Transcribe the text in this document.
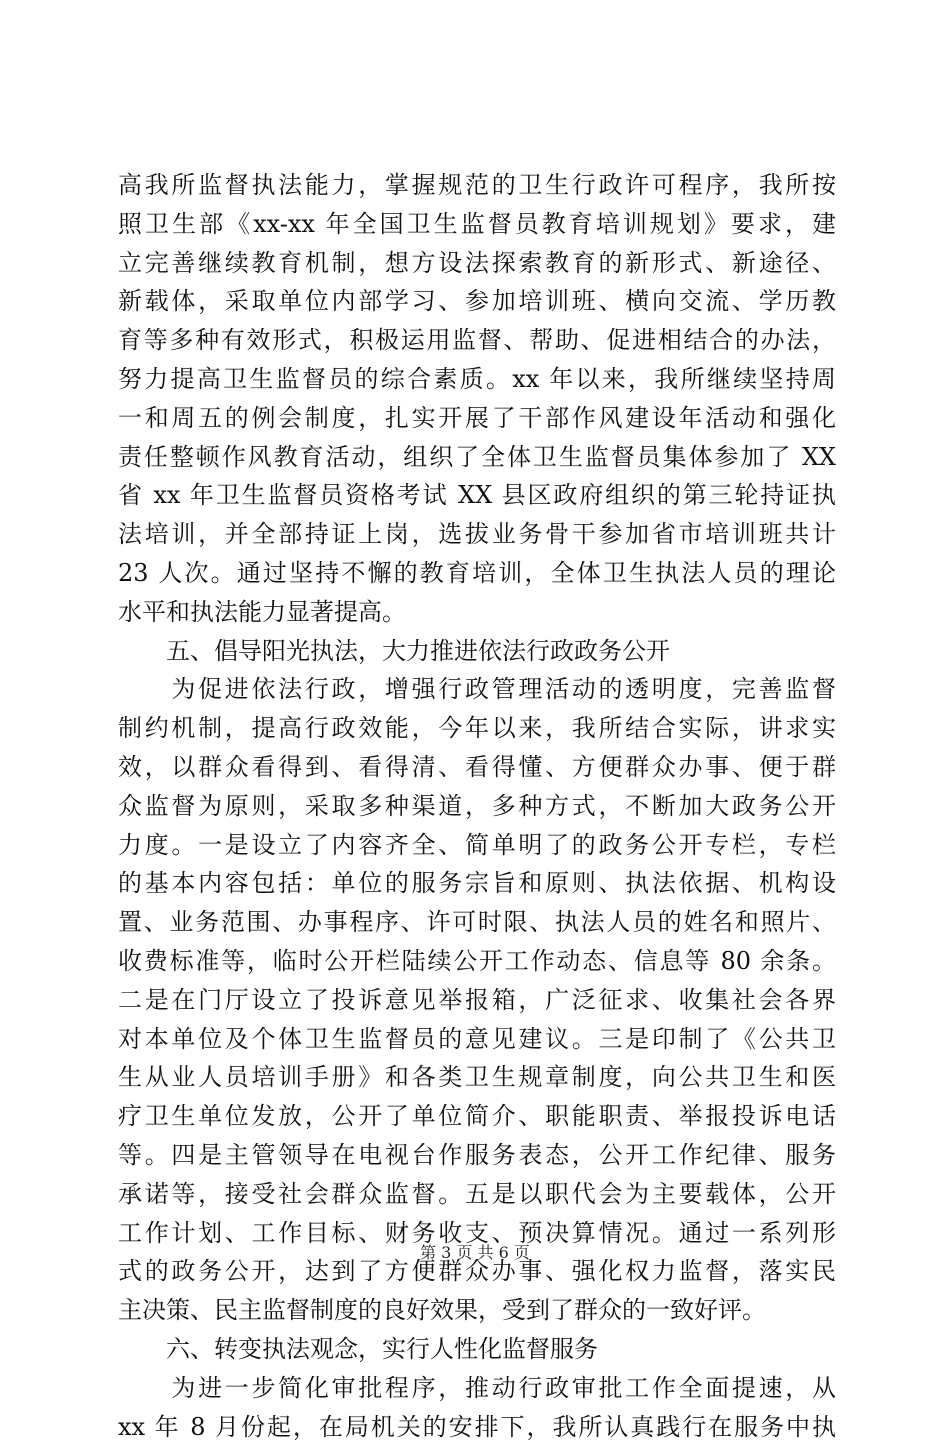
高我所监督执法能力，掌握规范的卫生行政许可程序，我所按
照卫生部《xx-xx 年全国卫生监督员教育培训规划》要求，建
立完善继续教育机制，想方设法探索教育的新形式、新途径、
新载体，采取单位内部学习、参加培训班、横向交流、学历教
育等多种有效形式，积极运用监督、帮助、促进相结合的办法，
努力提高卫生监督员的综合素质。xx 年以来，我所继续坚持周
一和周五的例会制度，扎实开展了干部作风建设年活动和强化
责任整顿作风教育活动，组织了全体卫生监督员集体参加了 XX
省 xx 年卫生监督员资格考试 XX 县区政府组织的第三轮持证执
法培训，并全部持证上岗，选拔业务骨干参加省市培训班共计
23 人次。通过坚持不懈的教育培训，全体卫生执法人员的理论
水平和执法能力显著提高。
　　五、倡导阳光执法，大力推进依法行政政务公开
　　为促进依法行政，增强行政管理活动的透明度，完善监督
制约机制，提高行政效能，今年以来，我所结合实际，讲求实
效，以群众看得到、看得清、看得懂、方便群众办事、便于群
众监督为原则，采取多种渠道，多种方式，不断加大政务公开
力度。一是设立了内容齐全、简单明了的政务公开专栏，专栏
的基本内容包括：单位的服务宗旨和原则、执法依据、机构设
置、业务范围、办事程序、许可时限、执法人员的姓名和照片、
收费标准等，临时公开栏陆续公开工作动态、信息等 80 余条。
二是在门厅设立了投诉意见举报箱，广泛征求、收集社会各界
对本单位及个体卫生监督员的意见建议。三是印制了《公共卫
生从业人员培训手册》和各类卫生规章制度，向公共卫生和医
疗卫生单位发放，公开了单位简介、职能职责、举报投诉电话
等。四是主管领导在电视台作服务表态，公开工作纪律、服务
承诺等，接受社会群众监督。五是以职代会为主要载体，公开
工作计划、工作目标、财务收支、预决算情况。通过一系列形
式的政务公开，达到了方便群众办事、强化权力监督，落实民
主决策、民主监督制度的良好效果，受到了群众的一致好评。
　　六、转变执法观念，实行人性化监督服务
　　为进一步简化审批程序，推动行政审批工作全面提速，从
xx 年 8 月份起，在局机关的安排下，我所认真践行在服务中执
第 3 页 共 6 页
